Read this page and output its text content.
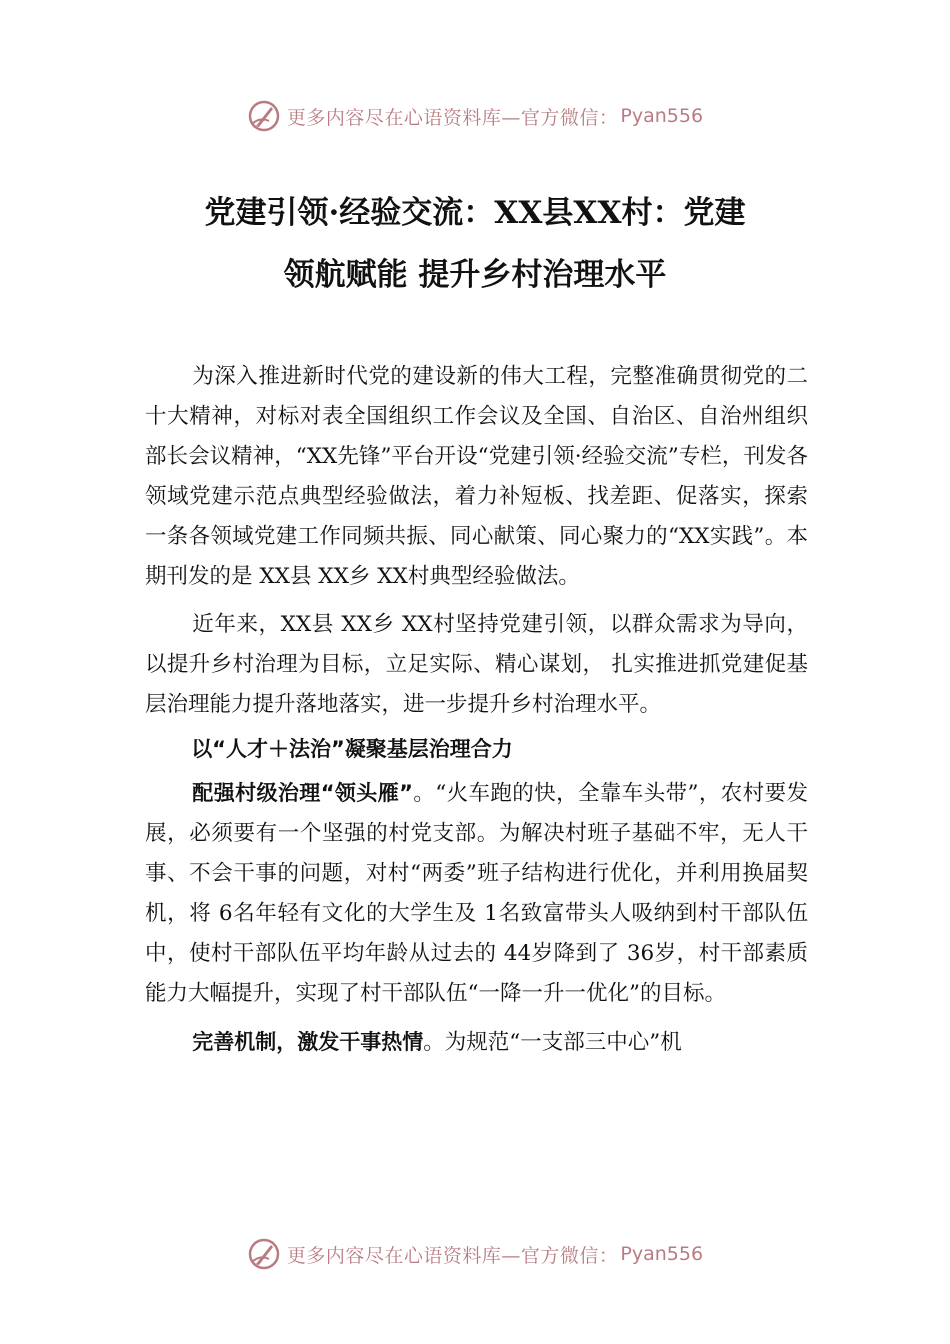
更多内容尽在心语资料库—官方微信： Pyan556
党建引领·经验交流：XX县XX村：党建
领航赋能 提升乡村治理水平

为深入推进新时代党的建设新的伟大工程，完整准确贯彻党的二十大精神，对标对表全国组织工作会议及全国、自治区、自治州组织部长会议精神，“XX先锋”平台开设“党建引领·经验交流”专栏，刊发各领域党建示范点典型经验做法，着力补短板、找差距、促落实，探索一条各领域党建工作同频共振、同心献策、同心聚力的“XX实践”。本期刊发的是 XX县 XX乡 XX村典型经验做法。

近年来，XX县 XX乡 XX村坚持党建引领，以群众需求为导向，以提升乡村治理为目标，立足实际、精心谋划， 扎实推进抓党建促基层治理能力提升落地落实，进一步提升乡村治理水平。

以“人才＋法治”凝聚基层治理合力

配强村级治理“领头雁”。“火车跑的快，全靠车头带”，农村要发展，必须要有一个坚强的村党支部。为解决村班子基础不牢，无人干事、不会干事的问题，对村“两委”班子结构进行优化，并利用换届契机，将 6名年轻有文化的大学生及 1名致富带头人吸纳到村干部队伍中，使村干部队伍平均年龄从过去的 44岁降到了 36岁，村干部素质能力大幅提升，实现了村干部队伍“一降一升一优化”的目标。

完善机制，激发干事热情。为规范“一支部三中心”机

更多内容尽在心语资料库—官方微信： Pyan556
